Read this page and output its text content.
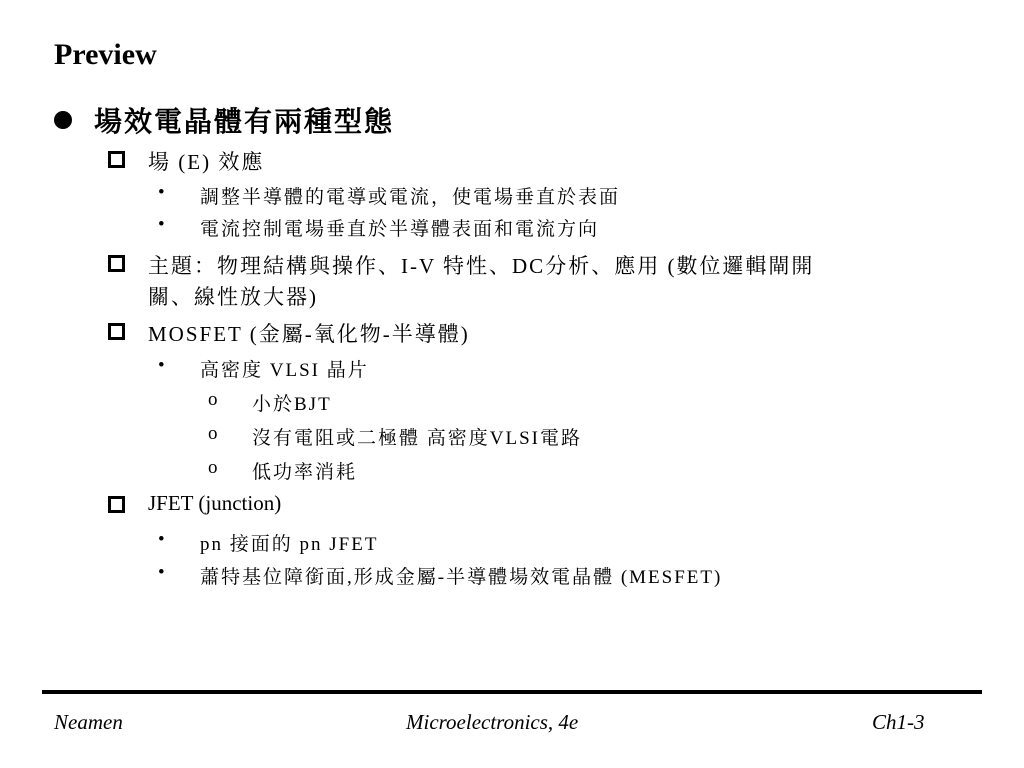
Preview
場效電晶體有兩種型態
場 (E) 效應
• 調整半導體的電導或電流，使電場垂直於表面
• 電流控制電場垂直於半導體表面和電流方向
主題：物理結構與操作、I-V 特性、DC分析、應用 (數位邏輯閘開
關、線性放大器)
MOSFET (金屬-氧化物-半導體)
• 高密度 VLSI 晶片
o 小於BJT
o 沒有電阻或二極體 高密度VLSI電路
o 低功率消耗
JFET (junction)
• pn 接面的 pn JFET
• 蕭特基位障銜面,形成金屬-半導體場效電晶體 (MESFET)
Neamen	Microelectronics, 4e	Ch1-3
